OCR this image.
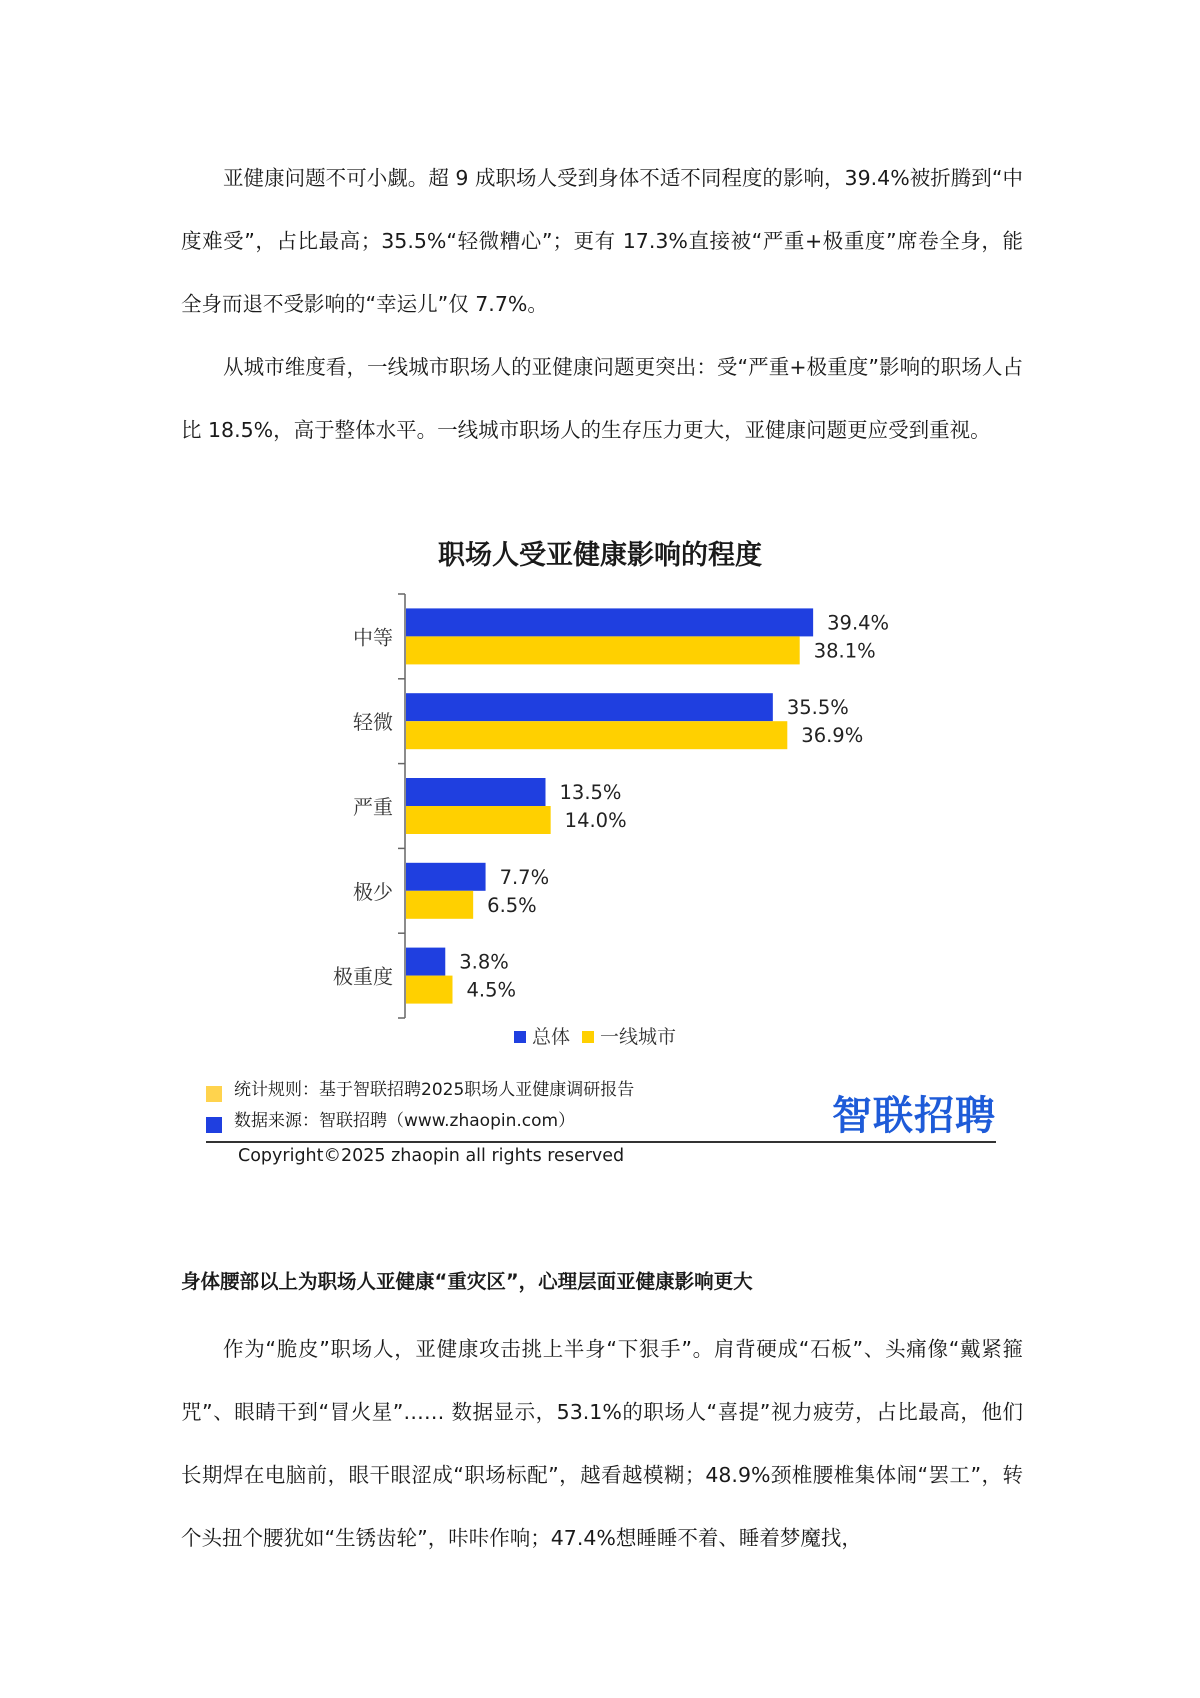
亚健康问题不可小觑。超 9 成职场人受到身体不适不同程度的影响，39.4%被折腾到“中度难受”，占比最高；35.5%“轻微糟心”；更有 17.3%直接被“严重+极重度”席卷全身，能全身而退不受影响的“幸运儿”仅 7.7%。

从城市维度看，一线城市职场人的亚健康问题更突出：受“严重+极重度”影响的职场人占比 18.5%，高于整体水平。一线城市职场人的生存压力更大，亚健康问题更应受到重视。

职场人受亚健康影响的程度
中等
39.4%
38.1%
轻微
35.5%
36.9%
严重
13.5%
14.0%
极少
7.7%
6.5%
极重度
3.8%
4.5%
总体 一线城市
统计规则：基于智联招聘2025职场人亚健康调研报告
数据来源：智联招聘（www.zhaopin.com）	智联招聘
Copyright©2025 zhaopin all rights reserved
身体腰部以上为职场人亚健康“重灾区”，心理层面亚健康影响更大

作为“脆皮”职场人，亚健康攻击挑上半身“下狠手”。肩背硬成“石板”、头痛像“戴紧箍咒”、眼睛干到“冒火星”…… 数据显示，53.1%的职场人“喜提”视力疲劳，占比最高，他们长期焊在电脑前，眼干眼涩成“职场标配”，越看越模糊；48.9%颈椎腰椎集体闹“罢工”，转个头扭个腰犹如“生锈齿轮”，咔咔作响；47.4%想睡睡不着、睡着梦魔找，
